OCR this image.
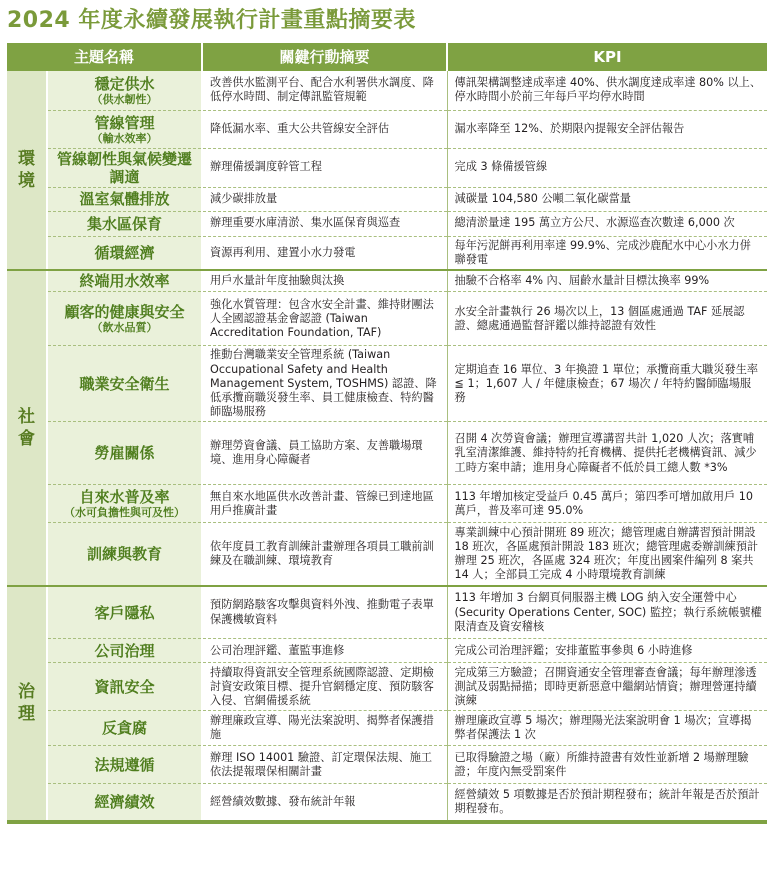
2024 年度永續發展執行計畫重點摘要表
主題名稱		關鍵行動摘要	KPI
環境	穩定供水
（供水韌性）	改善供水監測平台、配合水利署供水調度、降低停水時間、制定傳訊監管規範	傳訊架構調整達成率達 40%、供水調度達成率達 80% 以上、停水時間小於前三年每戶平均停水時間
	管線管理
（輸水效率）	降低漏水率、重大公共管線安全評估	漏水率降至 12%、於期限內提報安全評估報告
	管線韌性與氣候變遷調適	辦理備援調度幹管工程	完成 3 條備援管線
	溫室氣體排放	減少碳排放量	減碳量 104,580 公噸二氧化碳當量
	集水區保育	辦理重要水庫清淤、集水區保育與巡查	總清淤量達 195 萬立方公尺、水源巡查次數達 6,000 次
	循環經濟	資源再利用、建置小水力發電	每年污泥餅再利用率達 99.9%、完成沙鹿配水中心小水力併聯發電
社會	終端用水效率	用戶水量計年度抽驗與汰換	抽驗不合格率 4% 內、屆齡水量計目標汰換率 99%
	顧客的健康與安全
（飲水品質）	強化水質管理：包含水安全計畫、維持財團法人全國認證基金會認證 (Taiwan Accreditation Foundation, TAF)	水安全計畫執行 26 場次以上，13 個區處通過 TAF 延展認證、總處通過監督評鑑以維持認證有效性
	職業安全衛生	推動台灣職業安全管理系統 (Taiwan Occupational Safety and Health Management System, TOSHMS) 認證、降低承攬商職災發生率、員工健康檢查、特約醫師臨場服務	定期追查 16 單位、3 年換證 1 單位；承攬商重大職災發生率 ≦ 1；1,607 人 / 年健康檢查；67 場次 / 年特約醫師臨場服務
	勞雇關係	辦理勞資會議、員工協助方案、友善職場環境、進用身心障礙者	召開 4 次勞資會議；辦理宣導講習共計 1,020 人次；落實哺乳室清潔維護、維持特約托育機構、提供托老機構資訊、減少工時方案申請；進用身心障礙者不低於員工總人數 *3%
	自來水普及率
（水可負擔性與可及性）	無自來水地區供水改善計畫、管線已到達地區用戶推廣計畫	113 年增加核定受益戶 0.45 萬戶；第四季可增加啟用戶 10 萬戶，普及率可達 95.0%
	訓練與教育	依年度員工教育訓練計畫辦理各項員工職前訓練及在職訓練、環境教育	專業訓練中心預計開班 89 班次；總管理處自辦講習預計開設 18 班次，各區處預計開設 183 班次；總管理處委辦訓練預計辦理 25 班次，各區處 324 班次；年度出國案件編列 8 案共 14 人；全部員工完成 4 小時環境教育訓練
治理	客戶隱私	預防網路駭客攻擊與資料外洩、推動電子表單保護機敏資料	113 年增加 3 台網頁伺服器主機 LOG 納入安全運營中心 (Security Operations Center, SOC) 監控；執行系統帳號權限清查及資安稽核
	公司治理	公司治理評鑑、董監事進修	完成公司治理評鑑；安排董監事參與 6 小時進修
	資訊安全	持續取得資訊安全管理系統國際認證、定期檢討資安政策目標、提升官網穩定度、預防駭客入侵、官網備援系統	完成第三方驗證；召開資通安全管理審查會議；每年辦理滲透測試及弱點掃描；即時更新惡意中繼網站情資；辦理營運持續演練
	反貪腐	辦理廉政宣導、陽光法案說明、揭弊者保護措施	辦理廉政宣導 5 場次；辦理陽光法案說明會 1 場次；宣導揭弊者保護法 1 次
	法規遵循	辦理 ISO 14001 驗證、訂定環保法規、施工依法提報環保相關計畫	已取得驗證之場（廠）所維持證書有效性並新增 2 場辦理驗證；年度內無受罰案件
	經濟績效	經營績效數據、發布統計年報	經營績效 5 項數據是否於預計期程發布；統計年報是否於預計期程發布。
